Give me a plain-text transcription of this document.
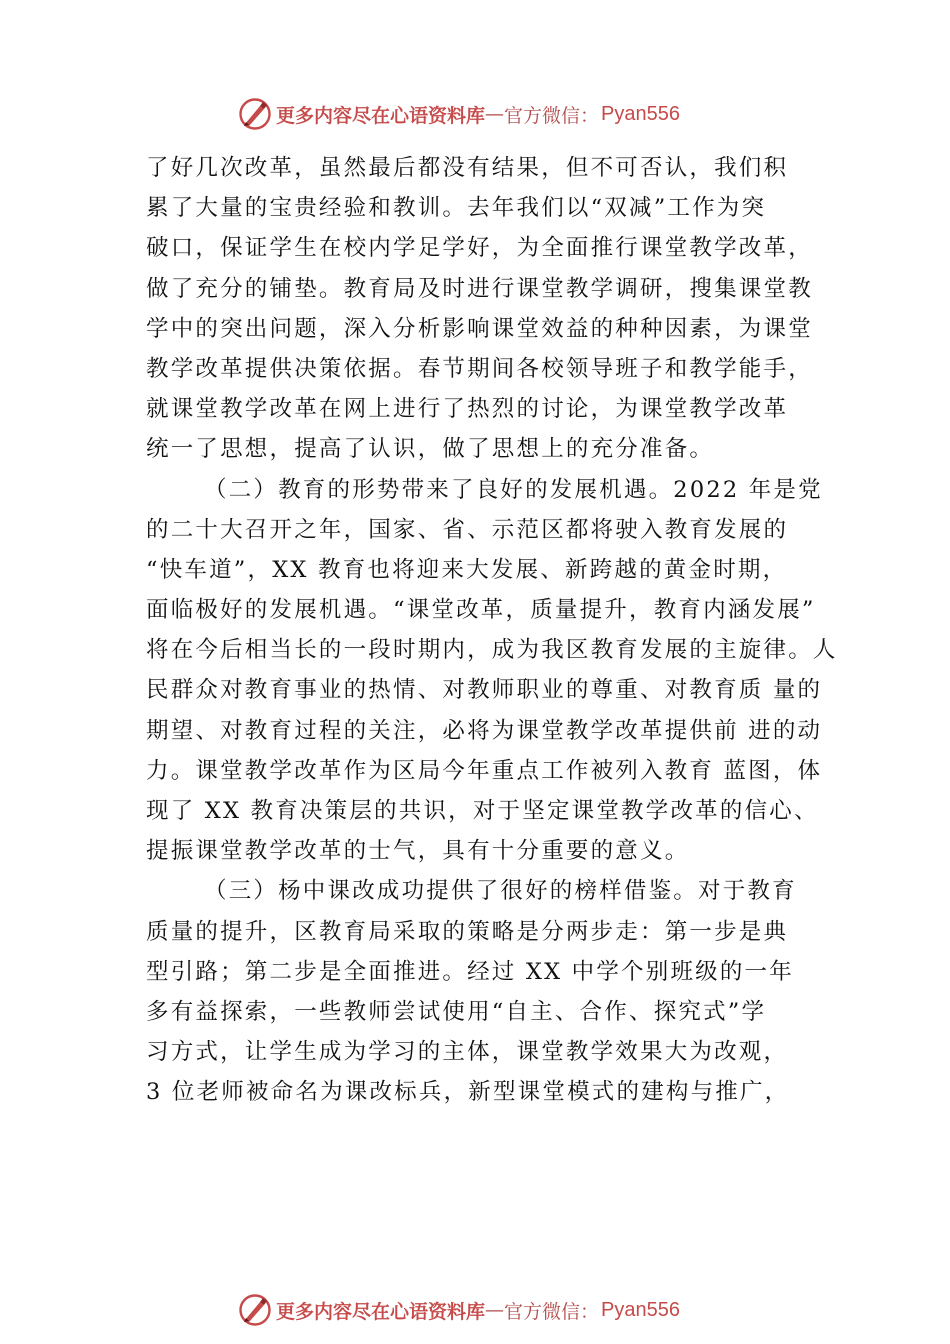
更多内容尽在心语资料库 — 官方微信： Pyan556
了好几次改革，虽然最后都没有结果，但不可否认，我们积
累了大量的宝贵经验和教训。去年我们以“双减”工作为突
破口，保证学生在校内学足学好，为全面推行课堂教学改革，
做了充分的铺垫。教育局及时进行课堂教学调研，搜集课堂教
学中的突出问题，深入分析影响课堂效益的种种因素，为课堂
教学改革提供决策依据。春节期间各校领导班子和教学能手，
就课堂教学改革在网上进行了热烈的讨论，为课堂教学改革
统一了思想，提高了认识，做了思想上的充分准备。
（二）教育的形势带来了良好的发展机遇。2022 年是党
的二十大召开之年，国家、省、示范区都将驶入教育发展的
“快车道”，XX 教育也将迎来大发展、新跨越的黄金时期，
面临极好的发展机遇。“课堂改革，质量提升，教育内涵发展”
将在今后相当长的一段时期内，成为我区教育发展的主旋律。人
民群众对教育事业的热情、对教师职业的尊重、对教育质 量的
期望、对教育过程的关注，必将为课堂教学改革提供前 进的动
力。课堂教学改革作为区局今年重点工作被列入教育 蓝图，体
现了 XX 教育决策层的共识，对于坚定课堂教学改革的信心、
提振课堂教学改革的士气，具有十分重要的意义。
（三）杨中课改成功提供了很好的榜样借鉴。对于教育
质量的提升，区教育局采取的策略是分两步走：第一步是典
型引路；第二步是全面推进。经过 XX 中学个别班级的一年
多有益探索，一些教师尝试使用“自主、合作、探究式”学
习方式，让学生成为学习的主体，课堂教学效果大为改观，
3 位老师被命名为课改标兵，新型课堂模式的建构与推广，
更多内容尽在心语资料库 — 官方微信： Pyan556
